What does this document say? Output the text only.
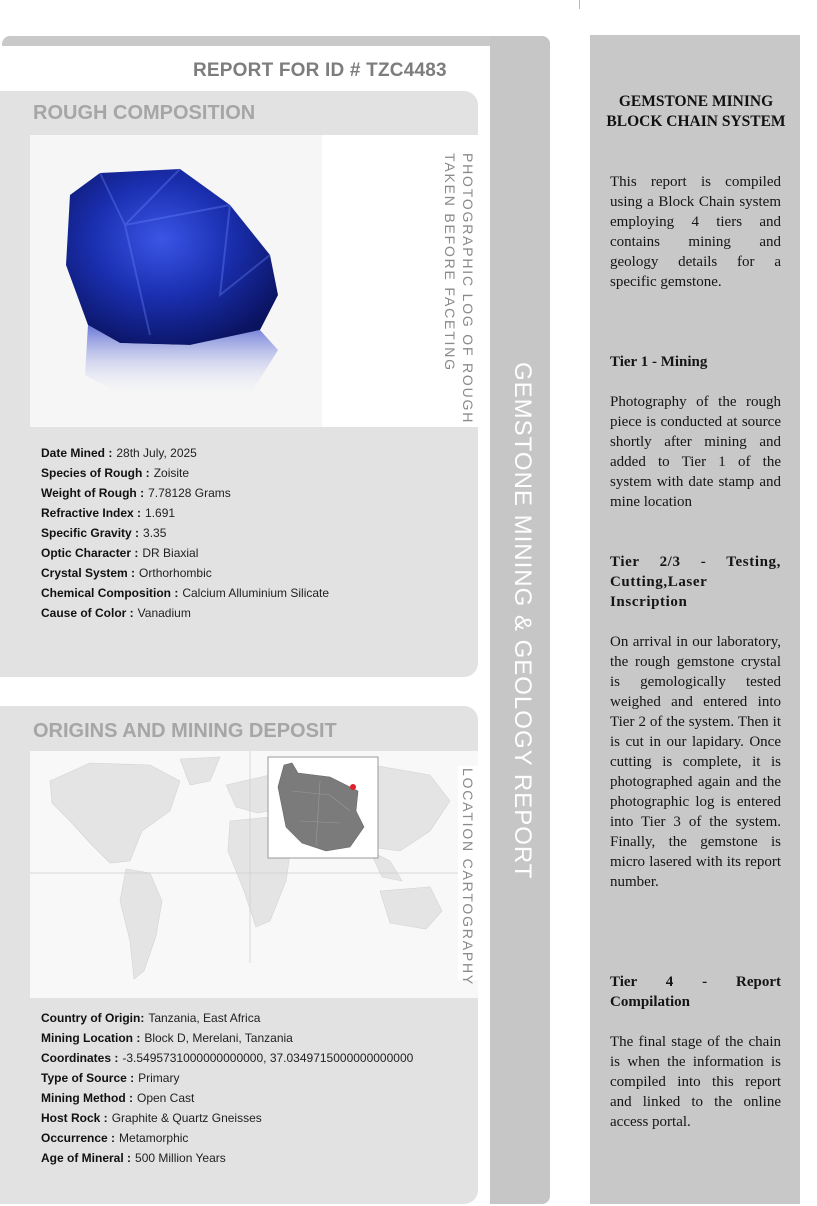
REPORT FOR ID # TZC4483
ROUGH COMPOSITION
PHOTOGRAPHIC LOG OF ROUGH
TAKEN BEFORE FACETING
Date Mined : 28th July, 2025
Species of Rough : Zoisite
Weight of Rough : 7.78128 Grams
Refractive Index : 1.691
Specific Gravity : 3.35
Optic Character : DR Biaxial
Crystal System : Orthorhombic
Chemical Composition : Calcium Alluminium Silicate
Cause of Color : Vanadium
ORIGINS AND MINING DEPOSIT
LOCATION CARTOGRAPHY
Country of Origin: Tanzania, East Africa
Mining Location : Block D, Merelani, Tanzania
Coordinates : -3.5495731000000000000, 37.0349715000000000000
Type of Source : Primary
Mining Method : Open Cast
Host Rock : Graphite & Quartz Gneisses
Occurrence : Metamorphic
Age of Mineral : 500 Million Years
GEMSTONE MINING & GEOLOGY REPORT
GEMSTONE MINING BLOCK CHAIN SYSTEM
This report is compiled using a Block Chain system employing 4 tiers and contains mining and geology details for a specific gemstone.
Tier 1 - Mining
Photography of the rough piece is conducted at source shortly after mining and added to Tier 1 of the system with date stamp and mine location
Tier 2/3 - Testing, Cutting,Laser Inscription
On arrival in our laboratory, the rough gemstone crystal is gemologically tested weighed and entered into Tier 2 of the system. Then it is cut in our lapidary. Once cutting is complete, it is photographed again and the photographic log is entered into Tier 3 of the system. Finally, the gemstone is micro lasered with its report number.
Tier 4 - Report Compilation
The final stage of the chain is when the information is compiled into this report and linked to the online access portal.
